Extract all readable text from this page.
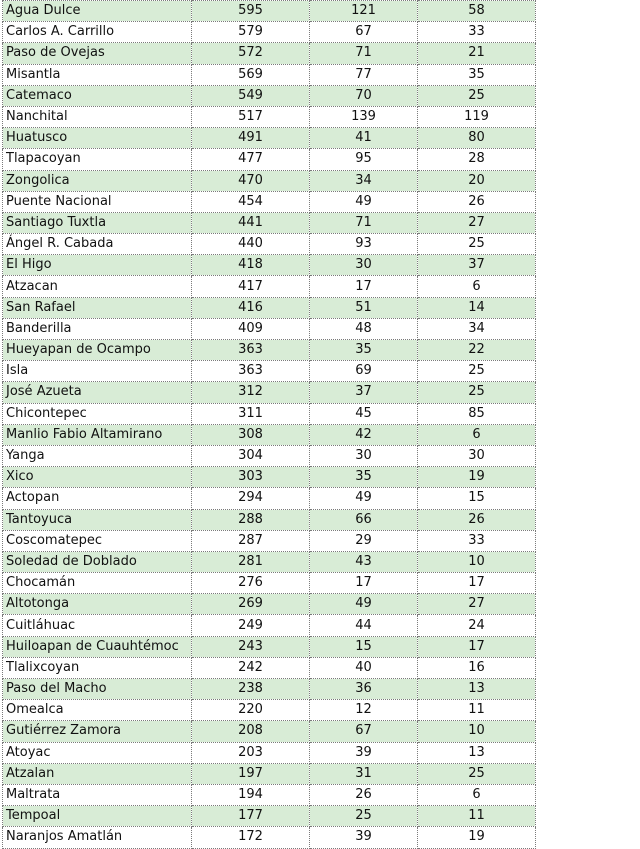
Agua Dulce	595	121	58
Carlos A. Carrillo	579	67	33
Paso de Ovejas	572	71	21
Misantla	569	77	35
Catemaco	549	70	25
Nanchital	517	139	119
Huatusco	491	41	80
Tlapacoyan	477	95	28
Zongolica	470	34	20
Puente Nacional	454	49	26
Santiago Tuxtla	441	71	27
Ángel R. Cabada	440	93	25
El Higo	418	30	37
Atzacan	417	17	6
San Rafael	416	51	14
Banderilla	409	48	34
Hueyapan de Ocampo	363	35	22
Isla	363	69	25
José Azueta	312	37	25
Chicontepec	311	45	85
Manlio Fabio Altamirano	308	42	6
Yanga	304	30	30
Xico	303	35	19
Actopan	294	49	15
Tantoyuca	288	66	26
Coscomatepec	287	29	33
Soledad de Doblado	281	43	10
Chocamán	276	17	17
Altotonga	269	49	27
Cuitláhuac	249	44	24
Huiloapan de Cuauhtémoc	243	15	17
Tlalixcoyan	242	40	16
Paso del Macho	238	36	13
Omealca	220	12	11
Gutiérrez Zamora	208	67	10
Atoyac	203	39	13
Atzalan	197	31	25
Maltrata	194	26	6
Tempoal	177	25	11
Naranjos Amatlán	172	39	19
